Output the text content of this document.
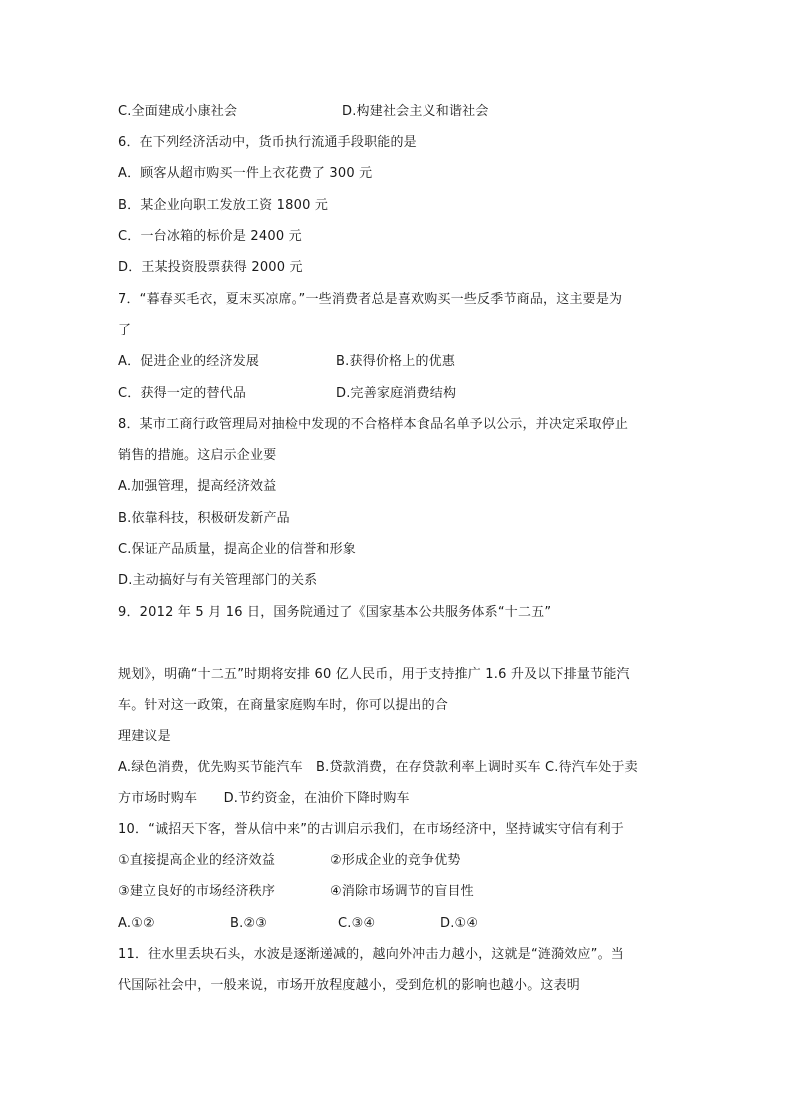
C.全面建成小康社会	D.构建社会主义和谐社会
6．在下列经济活动中，货币执行流通手段职能的是
A．顾客从超市购买一件上衣花费了 300 元
B．某企业向职工发放工资 1800 元
C．一台冰箱的标价是 2400 元
D．王某投资股票获得 2000 元
7．“暮春买毛衣，夏末买凉席。”一些消费者总是喜欢购买一些反季节商品，这主要是为
了
A．促进企业的经济发展	B.获得价格上的优惠
C．获得一定的替代品	D.完善家庭消费结构
8．某市工商行政管理局对抽检中发现的不合格样本食品名单予以公示，并决定采取停止
销售的措施。这启示企业要
A.加强管理，提高经济效益
B.依靠科技，积极研发新产品
C.保证产品质量，提高企业的信誉和形象
D.主动搞好与有关管理部门的关系
9．2012 年 5 月 16 日，国务院通过了《国家基本公共服务体系“十二五”
规划》，明确“十二五”时期将安排 60 亿人民币，用于支持推广 1.6 升及以下排量节能汽
车。针对这一政策，在商量家庭购车时，你可以提出的合
理建议是
A.绿色消费，优先购买节能汽车　B.贷款消费，在存贷款利率上调时买车 C.待汽车处于卖
方市场时购车　　D.节约资金，在油价下降时购车
10．“诚招天下客，誉从信中来”的古训启示我们，在市场经济中，坚持诚实守信有利于
①直接提高企业的经济效益	②形成企业的竞争优势
③建立良好的市场经济秩序	④消除市场调节的盲目性
A.①②	B.②③	C.③④	D.①④
11．往水里丢块石头，水波是逐渐递减的，越向外冲击力越小，这就是“涟漪效应”。当
代国际社会中，一般来说，市场开放程度越小，受到危机的影响也越小。这表明
